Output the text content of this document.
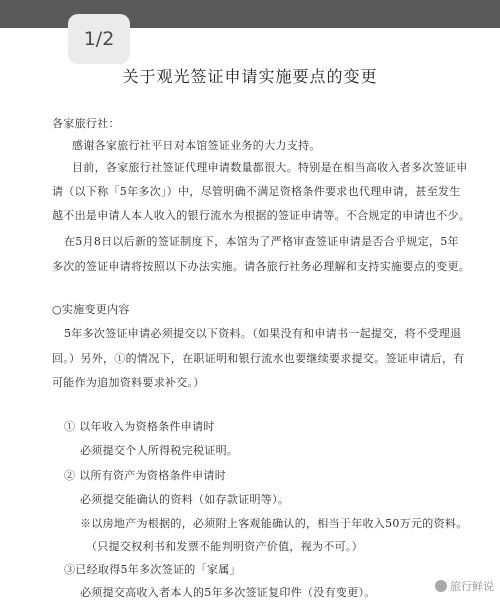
1/2
关于观光签证申请实施要点的变更
各家旅行社：
感谢各家旅行社平日对本馆签证业务的大力支持。
目前，各家旅行社签证代理申请数量都很大。特别是在相当高收入者多次签证申
请（以下称「5年多次」）中，尽管明确不满足资格条件要求也代理申请，甚至发生
越不出是申请人本人收入的银行流水为根据的签证申请等。不合规定的申请也不少。
在5月8日以后新的签证制度下，本馆为了严格审查签证申请是否合乎规定，5年
多次的签证申请将按照以下办法实施。请各旅行社务必理解和支持实施要点的变更。
○实施变更内容
5年多次签证申请必须提交以下资料。（如果没有和申请书一起提交，将不受理退
回。）另外，①的情况下，在职证明和银行流水也要继续要求提交。签证申请后，有
可能作为追加资料要求补交。）
① 以年收入为资格条件申请时
必须提交个人所得税完税证明。
② 以所有资产为资格条件申请时
必须提交能确认的资料（如存款证明等）。
※以房地产为根据的，必须附上客观能确认的，相当于年收入50万元的资料。
（只提交权利书和发票不能判明资产价值，视为不可。）
③已经取得5年多次签证的「家属」
必须提交高收入者本人的5年多次签证复印件（没有变更）。	旅行鲜说
